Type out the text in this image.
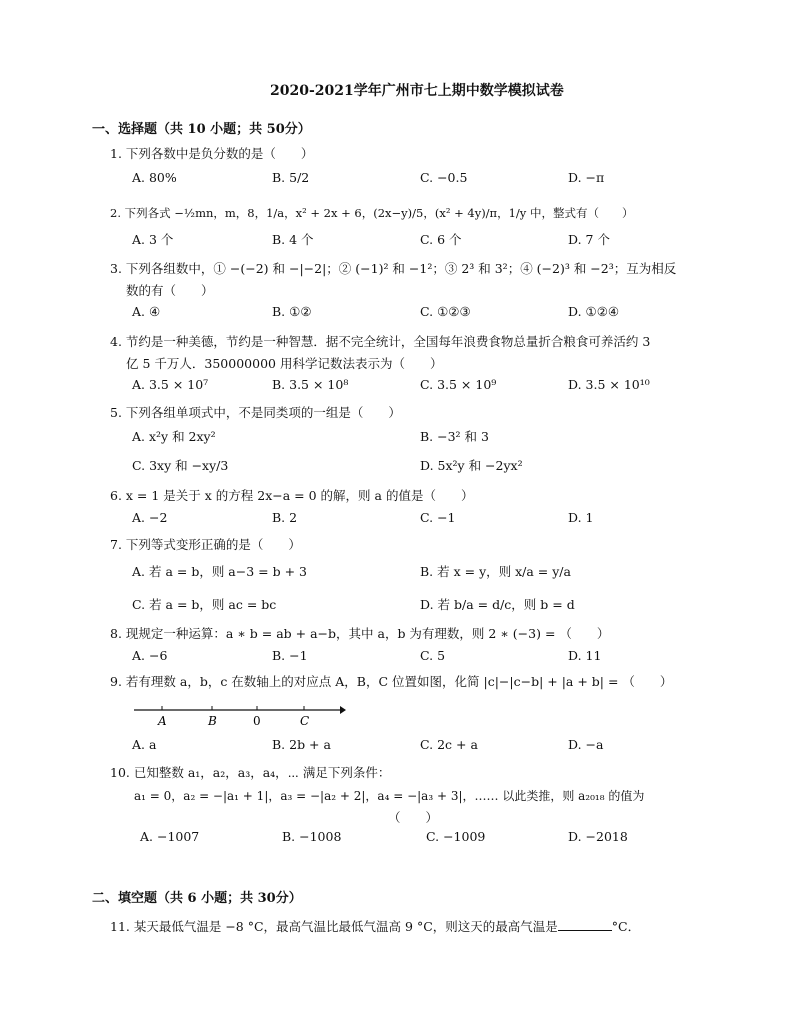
2020-2021学年广州市七上期中数学模拟试卷
一、选择题（共 10 小题；共 50分）
1. 下列各数中是负分数的是（　　）
A. 80%	B. 5/2	C. −0.5	D. −π
2. 下列各式 −½mn，m，8，1/a，x² + 2x + 6，(2x−y)/5，(x² + 4y)/π，1/y 中，整式有（　　）
A. 3 个	B. 4 个	C. 6 个	D. 7 个
3. 下列各组数中，① −(−2) 和 −|−2|；② (−1)² 和 −1²；③ 2³ 和 3²；④ (−2)³ 和 −2³；互为相反
数的有（　　）
A. ④	B. ①②	C. ①②③	D. ①②④
4. 节约是一种美德，节约是一种智慧．据不完全统计，全国每年浪费食物总量折合粮食可养活约 3
亿 5 千万人．350000000 用科学记数法表示为（　　）
A. 3.5 × 10⁷	B. 3.5 × 10⁸	C. 3.5 × 10⁹	D. 3.5 × 10¹⁰
5. 下列各组单项式中，不是同类项的一组是（　　）
A. x²y 和 2xy²	B. −3² 和 3
C. 3xy 和 −xy/3	D. 5x²y 和 −2yx²
6. x = 1 是关于 x 的方程 2x−a = 0 的解，则 a 的值是（　　）
A. −2	B. 2	C. −1	D. 1
7. 下列等式变形正确的是（　　）
A. 若 a = b，则 a−3 = b + 3	B. 若 x = y，则 x/a = y/a
C. 若 a = b，则 ac = bc	D. 若 b/a = d/c，则 b = d
8. 现规定一种运算：a ∗ b = ab + a−b，其中 a，b 为有理数，则 2 ∗ (−3) = （　　）
A. −6	B. −1	C. 5	D. 11
9. 若有理数 a，b，c 在数轴上的对应点 A，B，C 位置如图，化简 |c|−|c−b| + |a + b| = （　　）
A	B	0	C
A. a	B. 2b + a	C. 2c + a	D. −a
10. 已知整数 a₁，a₂，a₃，a₄，⋯ 满足下列条件：
a₁ = 0，a₂ = −|a₁ + 1|，a₃ = −|a₂ + 2|，a₄ = −|a₃ + 3|，…… 以此类推，则 a₂₀₁₈ 的值为
（　　）
A. −1007	B. −1008	C. −1009	D. −2018
二、填空题（共 6 小题；共 30分）
11. 某天最低气温是 −8 °C，最高气温比最低气温高 9 °C，则这天的最高气温是	°C．
